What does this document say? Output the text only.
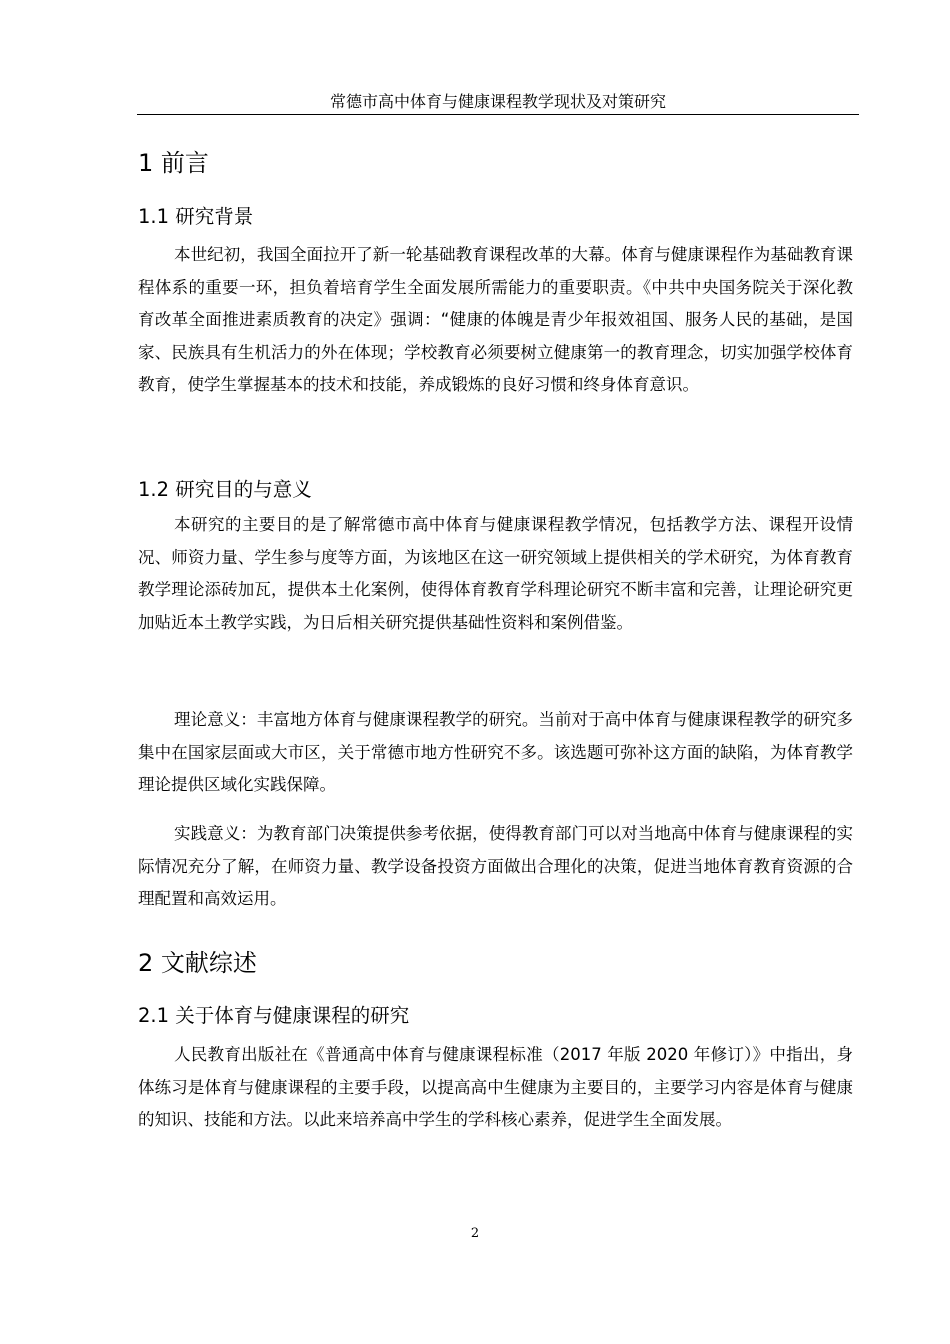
常德市高中体育与健康课程教学现状及对策研究
1 前言
1.1 研究背景
本世纪初，我国全面拉开了新一轮基础教育课程改革的大幕。体育与健康课程作为基础教育课程体系的重要一环，担负着培育学生全面发展所需能力的重要职责。《中共中央国务院关于深化教育改革全面推进素质教育的决定》强调：“健康的体魄是青少年报效祖国、服务人民的基础，是国家、民族具有生机活力的外在体现；学校教育必须要树立健康第一的教育理念，切实加强学校体育教育，使学生掌握基本的技术和技能，养成锻炼的良好习惯和终身体育意识。
1.2 研究目的与意义
本研究的主要目的是了解常德市高中体育与健康课程教学情况，包括教学方法、课程开设情况、师资力量、学生参与度等方面，为该地区在这一研究领域上提供相关的学术研究，为体育教育教学理论添砖加瓦，提供本土化案例，使得体育教育学科理论研究不断丰富和完善，让理论研究更加贴近本土教学实践，为日后相关研究提供基础性资料和案例借鉴。
理论意义：丰富地方体育与健康课程教学的研究。当前对于高中体育与健康课程教学的研究多集中在国家层面或大市区，关于常德市地方性研究不多。该选题可弥补这方面的缺陷，为体育教学理论提供区域化实践保障。
实践意义：为教育部门决策提供参考依据，使得教育部门可以对当地高中体育与健康课程的实际情况充分了解，在师资力量、教学设备投资方面做出合理化的决策，促进当地体育教育资源的合理配置和高效运用。
2 文献综述
2.1 关于体育与健康课程的研究
人民教育出版社在《普通高中体育与健康课程标准（2017 年版 2020 年修订）》中指出，身体练习是体育与健康课程的主要手段，以提高高中生健康为主要目的，主要学习内容是体育与健康的知识、技能和方法。以此来培养高中学生的学科核心素养，促进学生全面发展。
2
